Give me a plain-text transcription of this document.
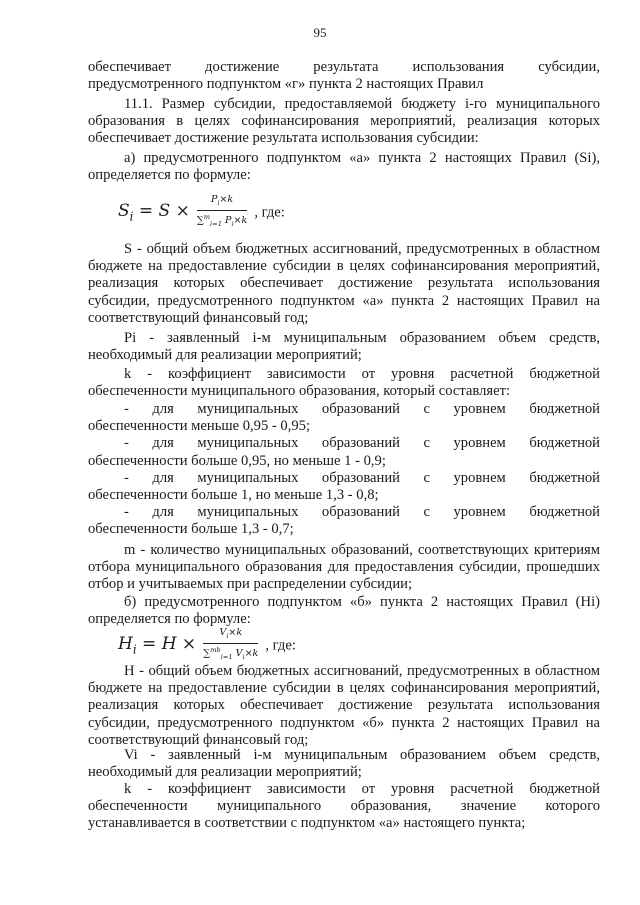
95
обеспечивает достижение результата использования субсидии,

предусмотренного подпунктом «г» пункта 2 настоящих Правил

11.1. Размер субсидии, предоставляемой бюджету i-го муниципального образования в целях софинансирования мероприятий, реализация которых обеспечивает достижение результата использования субсидии:

а) предусмотренного подпунктом «а» пункта 2 настоящих Правил (Si), определяется по формуле:

$S_i = S \times \frac{P_i\times k}{\sum^m_{i=1} P_i\times k}$ , где:

S - общий объем бюджетных ассигнований, предусмотренных в областном бюджете на предоставление субсидии в целях софинансирования мероприятий, реализация которых обеспечивает достижение результата использования субсидии, предусмотренного подпунктом «а» пункта 2 настоящих Правил на соответствующий финансовый год;

Pi - заявленный i-м муниципальным образованием объем средств, необходимый для реализации мероприятий;

k - коэффициент зависимости от уровня расчетной бюджетной обеспеченности муниципального образования, который составляет:

- для муниципальных образований с уровнем бюджетной

обеспеченности меньше 0,95 - 0,95;

- для муниципальных образований с уровнем бюджетной

обеспеченности больше 0,95, но меньше 1 - 0,9;

- для муниципальных образований с уровнем бюджетной

обеспеченности больше 1, но меньше 1,3 - 0,8;

- для муниципальных образований с уровнем бюджетной

обеспеченности больше 1,3 - 0,7;

m - количество муниципальных образований, соответствующих критериям отбора муниципального образования для предоставления субсидии, прошедших отбор и учитываемых при распределении субсидии;

б) предусмотренного подпунктом «б» пункта 2 настоящих Правил (Hi) определяется по формуле:

$H_i = H \times \frac{V_i\times k}{\sum^{mb}_{i=1} V_i\times k}$ , где:

H - общий объем бюджетных ассигнований, предусмотренных в областном бюджете на предоставление субсидии в целях софинансирования мероприятий, реализация которых обеспечивает достижение результата использования субсидии, предусмотренного подпунктом «б» пункта 2 настоящих Правил на соответствующий финансовый год;

Vi - заявленный i-м муниципальным образованием объем средств, необходимый для реализации мероприятий;

k - коэффициент зависимости от уровня расчетной бюджетной

обеспеченности муниципального образования, значение которого

устанавливается в соответствии с подпунктом «а» настоящего пункта;
